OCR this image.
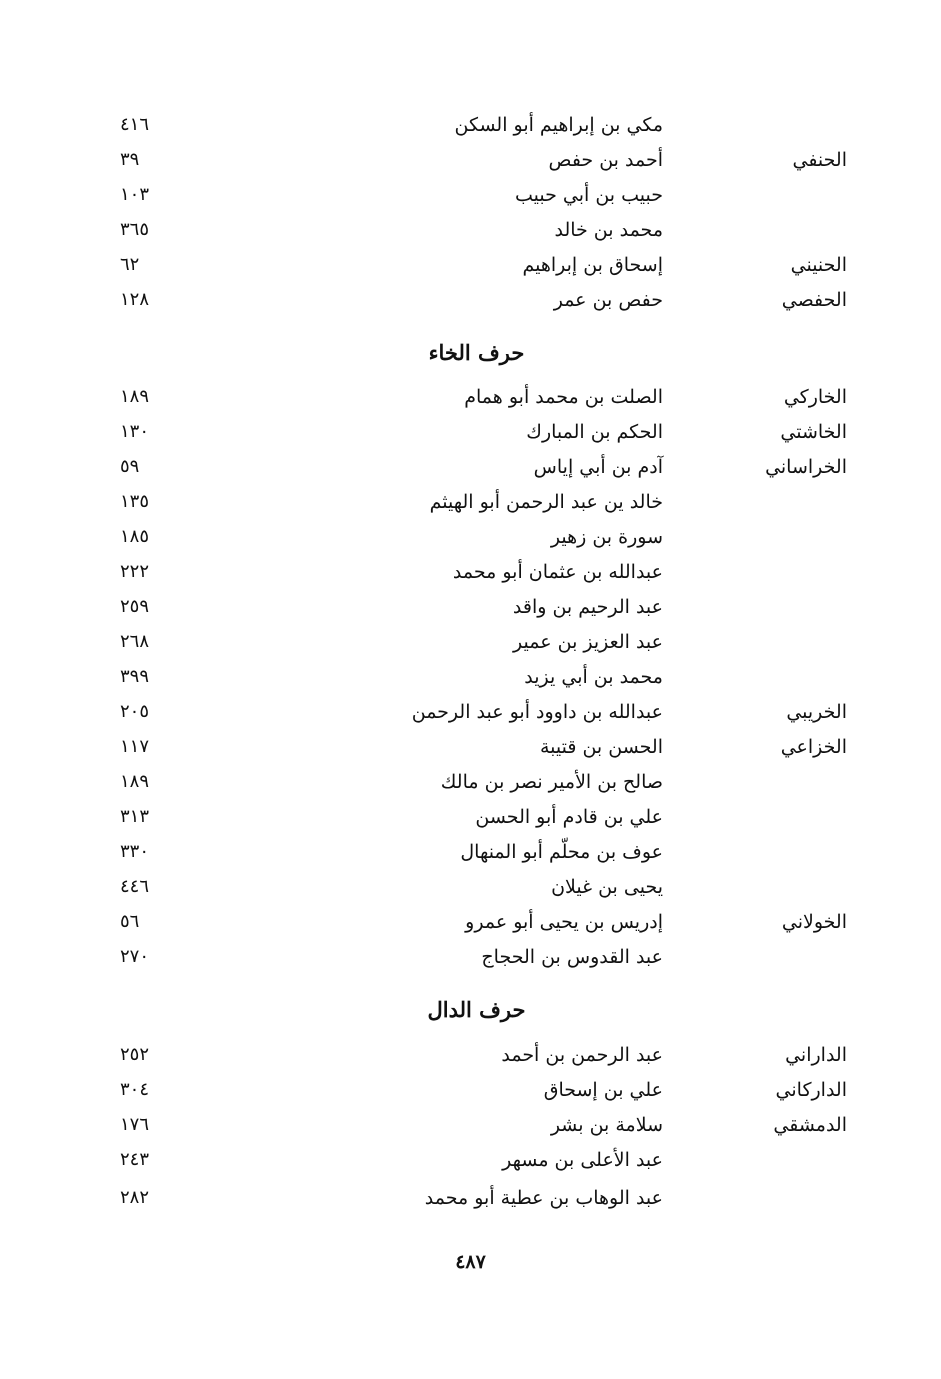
مكي بن إبراهيم أبو السكن
٤١٦
الحنفي
أحمد بن حفص
٣٩
حبيب بن أبي حبيب
١٠٣
محمد بن خالد
٣٦٥
الحنيني
إسحاق بن إبراهيم
٦٢
الحفصي
حفص بن عمر
١٢٨
حرف الخاء
الخاركي
الصلت بن محمد أبو همام
١٨٩
الخاشتي
الحكم بن المبارك
١٣٠
الخراساني
آدم بن أبي إياس
٥٩
خالد ين عبد الرحمن أبو الهيثم
١٣٥
سورة بن زهير
١٨٥
عبدالله بن عثمان أبو محمد
٢٢٢
عبد الرحيم بن واقد
٢٥٩
عبد العزيز بن عمير
٢٦٨
محمد بن أبي يزيد
٣٩٩
الخريبي
عبدالله بن داوود أبو عبد الرحمن
٢٠٥
الخزاعي
الحسن بن قتيبة
١١٧
صالح بن الأمير نصر بن مالك
١٨٩
علي بن قادم أبو الحسن
٣١٣
عوف بن محلّم أبو المنهال
٣٣٠
يحيى بن غيلان
٤٤٦
الخولاني
إدريس بن يحيى أبو عمرو
٥٦
عبد القدوس بن الحجاج
٢٧٠
حرف الدال
الداراني
عبد الرحمن بن أحمد
٢٥٢
الداركاني
علي بن إسحاق
٣٠٤
الدمشقي
سلامة بن بشر
١٧٦
عبد الأعلى بن مسهر
٢٤٣
عبد الوهاب بن عطية أبو محمد
٢٨٢
٤٨٧
